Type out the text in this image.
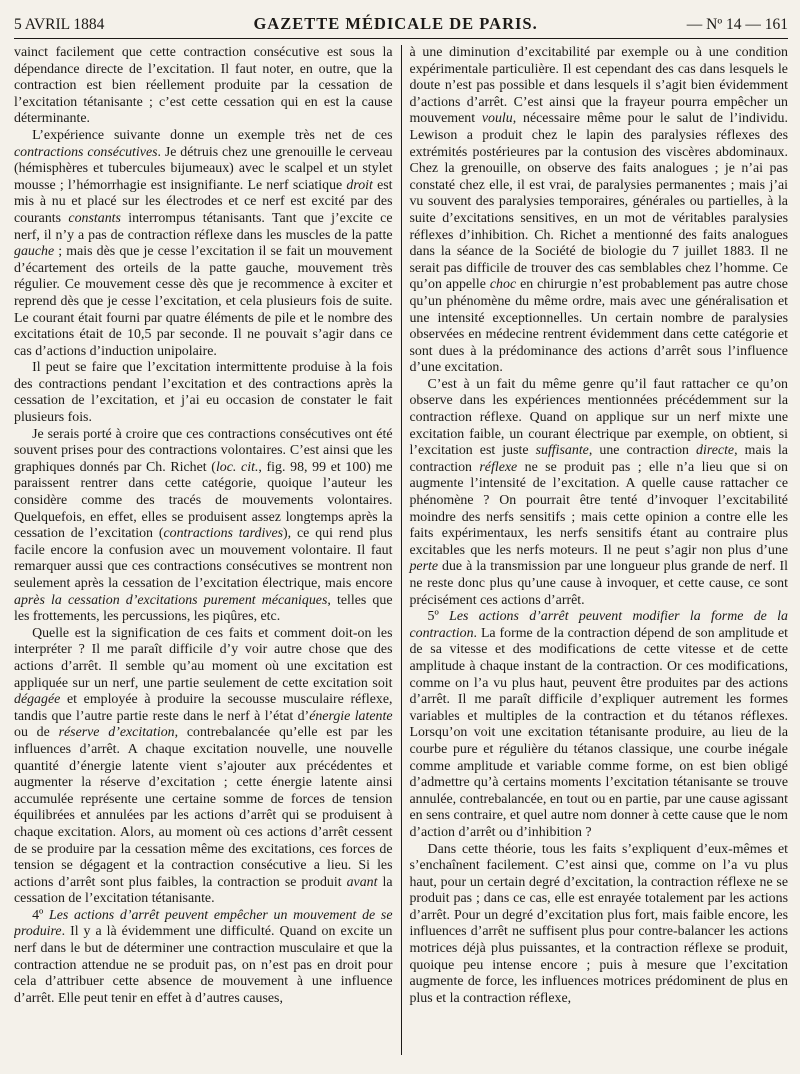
5 AVRIL 1884	GAZETTE MÉDICALE DE PARIS.	— Nº 14 — 161

vainct facilement que cette contraction consécutive est sous la dépendance directe de l’excitation. Il faut noter, en outre, que la contraction est bien réellement produite par la cessation de l’excitation tétanisante ; c’est cette cessation qui en est la cause déterminante.

L’expérience suivante donne un exemple très net de ces contractions consécutives. Je détruis chez une grenouille le cerveau (hémisphères et tubercules bijumeaux) avec le scalpel et un stylet mousse ; l’hémorrhagie est insignifiante. Le nerf sciatique droit est mis à nu et placé sur les électrodes et ce nerf est excité par des courants constants interrompus tétanisants. Tant que j’excite ce nerf, il n’y a pas de contraction réflexe dans les muscles de la patte gauche ; mais dès que je cesse l’excitation il se fait un mouvement d’écartement des orteils de la patte gauche, mouvement très régulier. Ce mouvement cesse dès que je recommence à exciter et reprend dès que je cesse l’excitation, et cela plusieurs fois de suite. Le courant était fourni par quatre éléments de pile et le nombre des excitations était de 10,5 par seconde. Il ne pouvait s’agir dans ce cas d’actions d’induction unipolaire.

Il peut se faire que l’excitation intermittente produise à la fois des contractions pendant l’excitation et des contractions après la cessation de l’excitation, et j’ai eu occasion de constater le fait plusieurs fois.

Je serais porté à croire que ces contractions consécutives ont été souvent prises pour des contractions volontaires. C’est ainsi que les graphiques donnés par Ch. Richet (loc. cit., fig. 98, 99 et 100) me paraissent rentrer dans cette catégorie, quoique l’auteur les considère comme des tracés de mouvements volontaires. Quelquefois, en effet, elles se produisent assez longtemps après la cessation de l’excitation (contractions tardives), ce qui rend plus facile encore la confusion avec un mouvement volontaire. Il faut remarquer aussi que ces contractions consécutives se montrent non seulement après la cessation de l’excitation électrique, mais encore après la cessation d’excitations purement mécaniques, telles que les frottements, les percussions, les piqûres, etc.

Quelle est la signification de ces faits et comment doit-on les interpréter ? Il me paraît difficile d’y voir autre chose que des actions d’arrêt. Il semble qu’au moment où une excitation est appliquée sur un nerf, une partie seulement de cette excitation soit dégagée et employée à produire la secousse musculaire réflexe, tandis que l’autre partie reste dans le nerf à l’état d’énergie latente ou de réserve d’excitation, contrebalancée qu’elle est par les influences d’arrêt. A chaque excitation nouvelle, une nouvelle quantité d’énergie latente vient s’ajouter aux précédentes et augmenter la réserve d’excitation ; cette énergie latente ainsi accumulée représente une certaine somme de forces de tension équilibrées et annulées par les actions d’arrêt qui se produisent à chaque excitation. Alors, au moment où ces actions d’arrêt cessent de se produire par la cessation même des excitations, ces forces de tension se dégagent et la contraction consécutive a lieu. Si les actions d’arrêt sont plus faibles, la contraction se produit avant la cessation de l’excitation tétanisante.

4º Les actions d’arrêt peuvent empêcher un mouvement de se produire. Il y a là évidemment une difficulté. Quand on excite un nerf dans le but de déterminer une contraction musculaire et que la contraction attendue ne se produit pas, on n’est pas en droit pour cela d’attribuer cette absence de mouvement à une influence d’arrêt. Elle peut tenir en effet à d’autres causes,

à une diminution d’excitabilité par exemple ou à une condition expérimentale particulière. Il est cependant des cas dans lesquels le doute n’est pas possible et dans lesquels il s’agit bien évidemment d’actions d’arrêt. C’est ainsi que la frayeur pourra empêcher un mouvement voulu, nécessaire même pour le salut de l’individu. Lewison a produit chez le lapin des paralysies réflexes des extrémités postérieures par la contusion des viscères abdominaux. Chez la grenouille, on observe des faits analogues ; je n’ai pas constaté chez elle, il est vrai, de paralysies permanentes ; mais j’ai vu souvent des paralysies temporaires, générales ou partielles, à la suite d’excitations sensitives, en un mot de véritables paralysies réflexes d’inhibition. Ch. Richet a mentionné des faits analogues dans la séance de la Société de biologie du 7 juillet 1883. Il ne serait pas difficile de trouver des cas semblables chez l’homme. Ce qu’on appelle choc en chirurgie n’est probablement pas autre chose qu’un phénomène du même ordre, mais avec une généralisation et une intensité exceptionnelles. Un certain nombre de paralysies observées en médecine rentrent évidemment dans cette catégorie et sont dues à la prédominance des actions d’arrêt sous l’influence d’une excitation.

C’est à un fait du même genre qu’il faut rattacher ce qu’on observe dans les expériences mentionnées précédemment sur la contraction réflexe. Quand on applique sur un nerf mixte une excitation faible, un courant électrique par exemple, on obtient, si l’excitation est juste suffisante, une contraction directe, mais la contraction réflexe ne se produit pas ; elle n’a lieu que si on augmente l’intensité de l’excitation. A quelle cause rattacher ce phénomène ? On pourrait être tenté d’invoquer l’excitabilité moindre des nerfs sensitifs ; mais cette opinion a contre elle les faits expérimentaux, les nerfs sensitifs étant au contraire plus excitables que les nerfs moteurs. Il ne peut s’agir non plus d’une perte due à la transmission par une longueur plus grande de nerf. Il ne reste donc plus qu’une cause à invoquer, et cette cause, ce sont précisément ces actions d’arrêt.

5º Les actions d’arrêt peuvent modifier la forme de la contraction. La forme de la contraction dépend de son amplitude et de sa vitesse et des modifications de cette vitesse et de cette amplitude à chaque instant de la contraction. Or ces modifications, comme on l’a vu plus haut, peuvent être produites par des actions d’arrêt. Il me paraît difficile d’expliquer autrement les formes variables et multiples de la contraction et du tétanos réflexes. Lorsqu’on voit une excitation tétanisante produire, au lieu de la courbe pure et régulière du tétanos classique, une courbe inégale comme amplitude et variable comme forme, on est bien obligé d’admettre qu’à certains moments l’excitation tétanisante se trouve annulée, contrebalancée, en tout ou en partie, par une cause agissant en sens contraire, et quel autre nom donner à cette cause que le nom d’action d’arrêt ou d’inhibition ?

Dans cette théorie, tous les faits s’expliquent d’eux-mêmes et s’enchaînent facilement. C’est ainsi que, comme on l’a vu plus haut, pour un certain degré d’excitation, la contraction réflexe ne se produit pas ; dans ce cas, elle est enrayée totalement par les actions d’arrêt. Pour un degré d’excitation plus fort, mais faible encore, les influences d’arrêt ne suffisent plus pour contre-balancer les actions motrices déjà plus puissantes, et la contraction réflexe se produit, quoique peu intense encore ; puis à mesure que l’excitation augmente de force, les influences motrices prédominent de plus en plus et la contraction réflexe,
